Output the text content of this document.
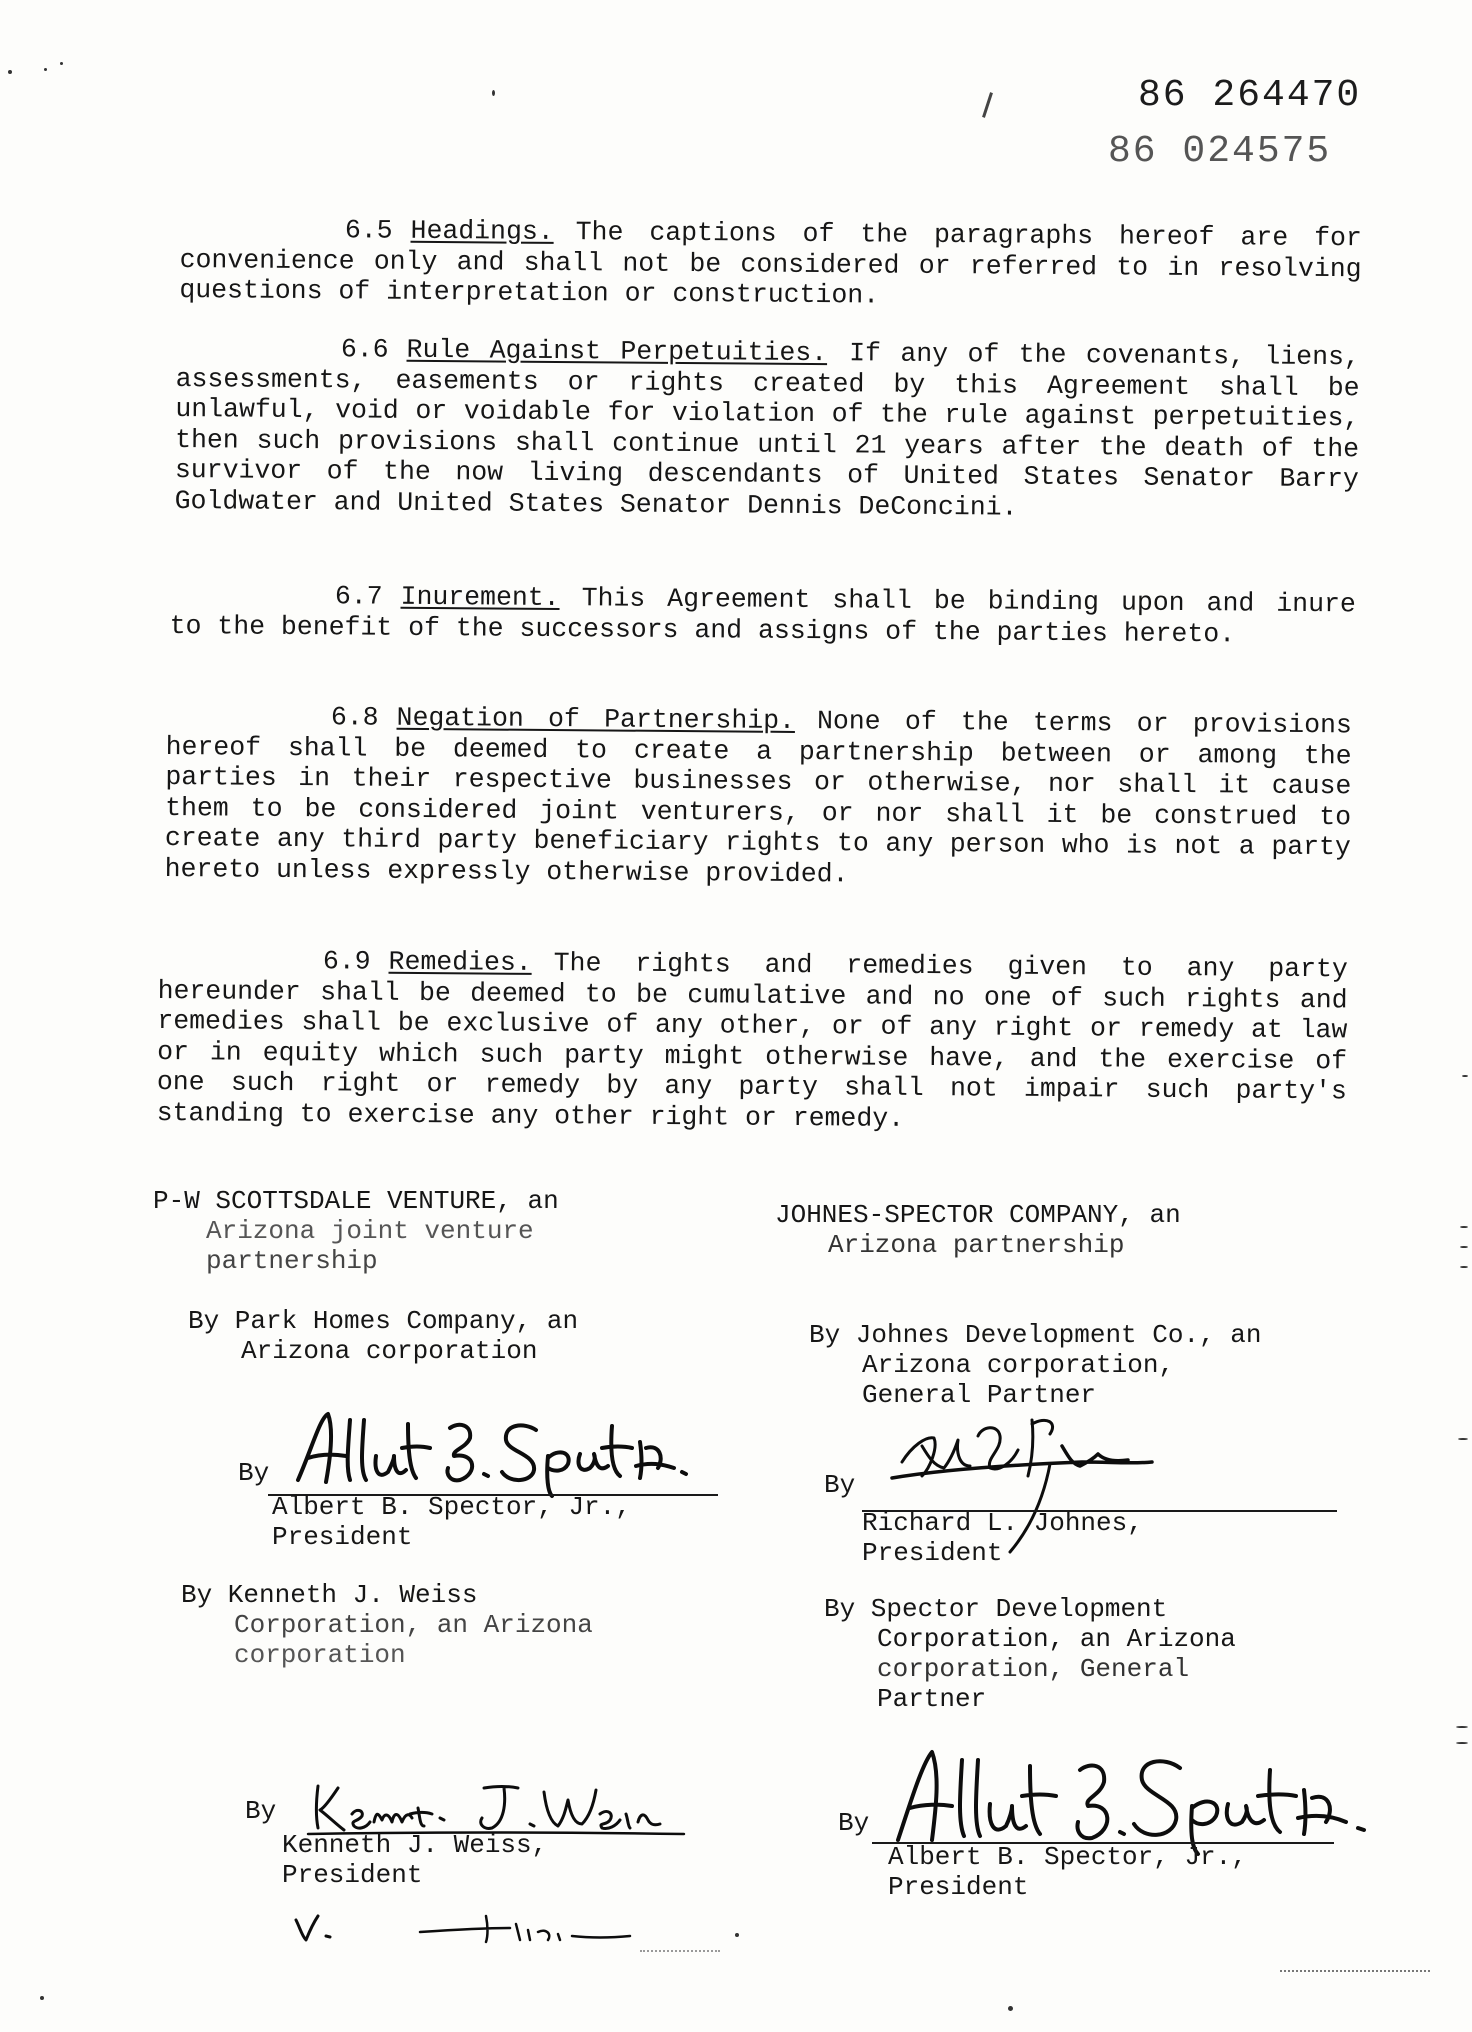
86 264470
86 024575

6.5 Headings. The captions of the paragraphs hereof are for convenience only and shall not be considered or referred to in resolving questions of interpretation or construction.

6.6 Rule Against Perpetuities. If any of the covenants, liens, assessments, easements or rights created by this Agreement shall be unlawful, void or voidable for violation of the rule against perpetuities, then such provisions shall continue until 21 years after the death of the survivor of the now living descendants of United States Senator Barry Goldwater and United States Senator Dennis DeConcini.

6.7 Inurement. This Agreement shall be binding upon and inure to the benefit of the successors and assigns of the parties hereto.

6.8 Negation of Partnership. None of the terms or provisions hereof shall be deemed to create a partnership between or among the parties in their respective businesses or otherwise, nor shall it cause them to be considered joint venturers, or nor shall it be construed to create any third party beneficiary rights to any person who is not a party hereto unless expressly otherwise provided.

6.9 Remedies. The rights and remedies given to any party hereunder shall be deemed to be cumulative and no one of such rights and remedies shall be exclusive of any other, or of any right or remedy at law or in equity which such party might otherwise have, and the exercise of one such right or remedy by any party shall not impair such party's standing to exercise any other right or remedy.

P-W SCOTTSDALE VENTURE, an
Arizona joint venture
partnership
By Park Homes Company, an
Arizona corporation
By
Albert B. Spector, Jr.,
President
By Kenneth J. Weiss
Corporation, an Arizona
corporation
By
Kenneth J. Weiss,
President
JOHNES-SPECTOR COMPANY, an
Arizona partnership
By Johnes Development Co., an
Arizona corporation,
General Partner
By
Richard L. Johnes,
President
By Spector Development
Corporation, an Arizona
corporation, General
Partner
By
Albert B. Spector, Jr.,
President
